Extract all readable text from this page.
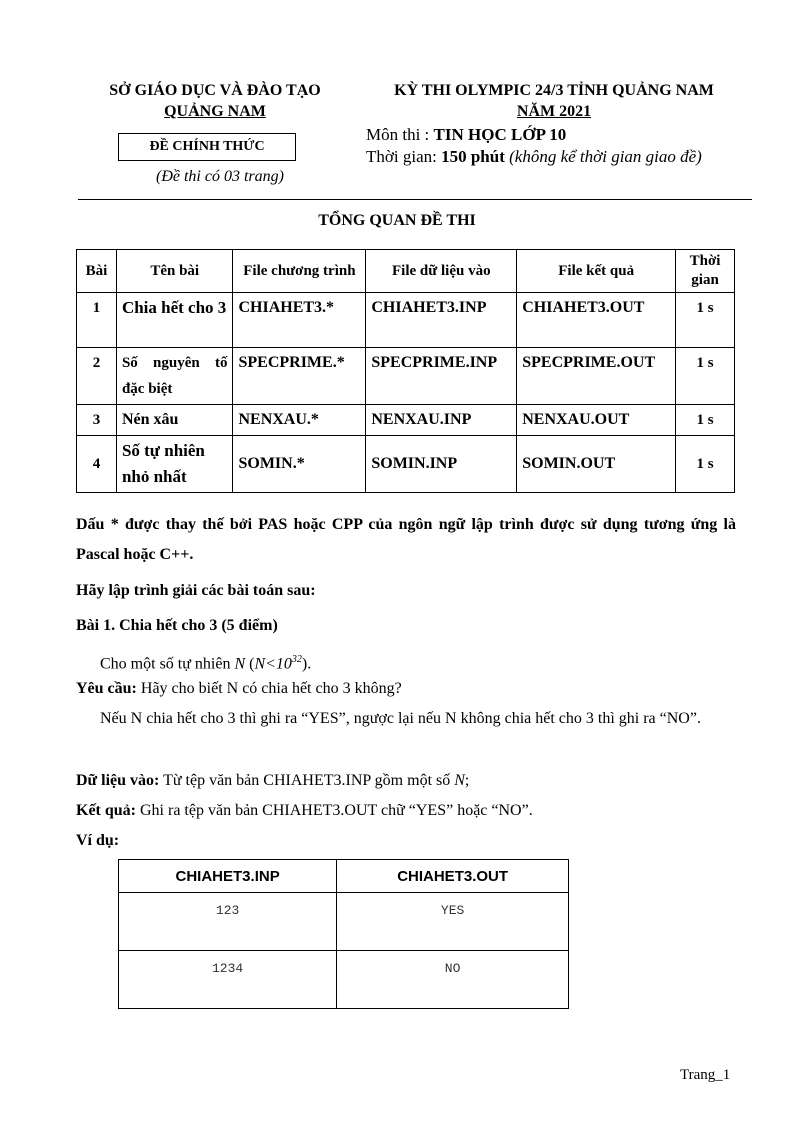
SỞ GIÁO DỤC VÀ ĐÀO TẠO
QUẢNG NAM
KỲ THI OLYMPIC 24/3 TỈNH QUẢNG NAM
NĂM 2021
ĐỀ CHÍNH THỨC
(Đề thi có 03 trang)
Môn thi : TIN HỌC LỚP 10
Thời gian: 150 phút (không kể thời gian giao đề)
TỔNG QUAN ĐỀ THI
Bài	Tên bài	File chương trình	File dữ liệu vào	File kết quả	Thời gian
1	Chia hết cho 3	CHIAHET3.*	CHIAHET3.INP	CHIAHET3.OUT	1 s
2	Số nguyên tố đặc biệt	SPECPRIME.*	SPECPRIME.INP	SPECPRIME.OUT	1 s
3	Nén xâu	NENXAU.*	NENXAU.INP	NENXAU.OUT	1 s
4	Số tự nhiên nhỏ nhất	SOMIN.*	SOMIN.INP	SOMIN.OUT	1 s
Dấu * được thay thế bởi PAS hoặc CPP của ngôn ngữ lập trình được sử dụng tương ứng là Pascal hoặc C++.
Hãy lập trình giải các bài toán sau:
Bài 1. Chia hết cho 3 (5 điểm)
Cho một số tự nhiên N $(N<10^{32})$.
Yêu cầu: Hãy cho biết N có chia hết cho 3 không?
Nếu N chia hết cho 3 thì ghi ra “YES”, ngược lại nếu N không chia hết cho 3 thì ghi ra “NO”.
Dữ liệu vào: Từ tệp văn bản CHIAHET3.INP gồm một số N;
Kết quả: Ghi ra tệp văn bản CHIAHET3.OUT chữ “YES” hoặc “NO”.
Ví dụ:
CHIAHET3.INP	CHIAHET3.OUT
123	YES
1234	NO
Trang_1
